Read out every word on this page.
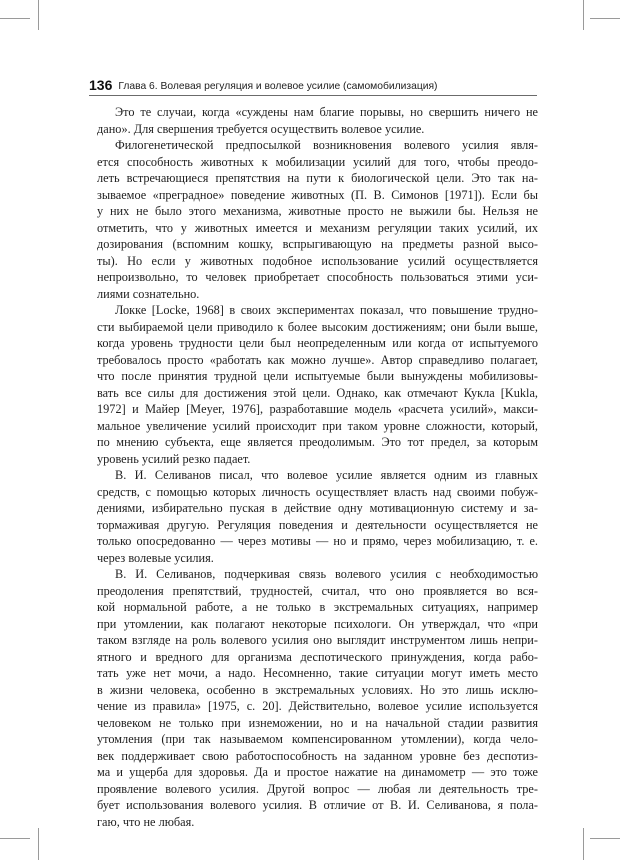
136 Глава 6. Волевая регуляция и волевое усилие (самомобилизация)

Это те случаи, когда «суждены нам благие порывы, но свершить ничего не
дано». Для свершения требуется осуществить волевое усилие.

Филогенетической предпосылкой возникновения волевого усилия явля-
ется способность животных к мобилизации усилий для того, чтобы преодо-
леть встречающиеся препятствия на пути к биологической цели. Это так на-
зываемое «преградное» поведение животных (П. В. Симонов [1971]). Если бы
у них не было этого механизма, животные просто не выжили бы. Нельзя не
отметить, что у животных имеется и механизм регуляции таких усилий, их
дозирования (вспомним кошку, вспрыгивающую на предметы разной высо-
ты). Но если у животных подобное использование усилий осуществляется
непроизвольно, то человек приобретает способность пользоваться этими уси-
лиями сознательно.

Локке [Locke, 1968] в своих экспериментах показал, что повышение трудно-
сти выбираемой цели приводило к более высоким достижениям; они были выше,
когда уровень трудности цели был неопределенным или когда от испытуемого
требовалось просто «работать как можно лучше». Автор справедливо полагает,
что после принятия трудной цели испытуемые были вынуждены мобилизовы-
вать все силы для достижения этой цели. Однако, как отмечают Кукла [Kukla,
1972] и Майер [Meyer, 1976], разработавшие модель «расчета усилий», макси-
мальное увеличение усилий происходит при таком уровне сложности, который,
по мнению субъекта, еще является преодолимым. Это тот предел, за которым
уровень усилий резко падает.

В. И. Селиванов писал, что волевое усилие является одним из главных
средств, с помощью которых личность осуществляет власть над своими побуж-
дениями, избирательно пуская в действие одну мотивационную систему и за-
тормаживая другую. Регуляция поведения и деятельности осуществляется не
только опосредованно — через мотивы — но и прямо, через мобилизацию, т. е.
через волевые усилия.

В. И. Селиванов, подчеркивая связь волевого усилия с необходимостью
преодоления препятствий, трудностей, считал, что оно проявляется во вся-
кой нормальной работе, а не только в экстремальных ситуациях, например
при утомлении, как полагают некоторые психологи. Он утверждал, что «при
таком взгляде на роль волевого усилия оно выглядит инструментом лишь непри-
ятного и вредного для организма деспотического принуждения, когда рабо-
тать уже нет мочи, а надо. Несомненно, такие ситуации могут иметь место
в жизни человека, особенно в экстремальных условиях. Но это лишь исклю-
чение из правила» [1975, с. 20]. Действительно, волевое усилие используется
человеком не только при изнеможении, но и на начальной стадии развития
утомления (при так называемом компенсированном утомлении), когда чело-
век поддерживает свою работоспособность на заданном уровне без деспотиз-
ма и ущерба для здоровья. Да и простое нажатие на динамометр — это тоже
проявление волевого усилия. Другой вопрос — любая ли деятельность тре-
бует использования волевого усилия. В отличие от В. И. Селиванова, я пола-
гаю, что не любая.
